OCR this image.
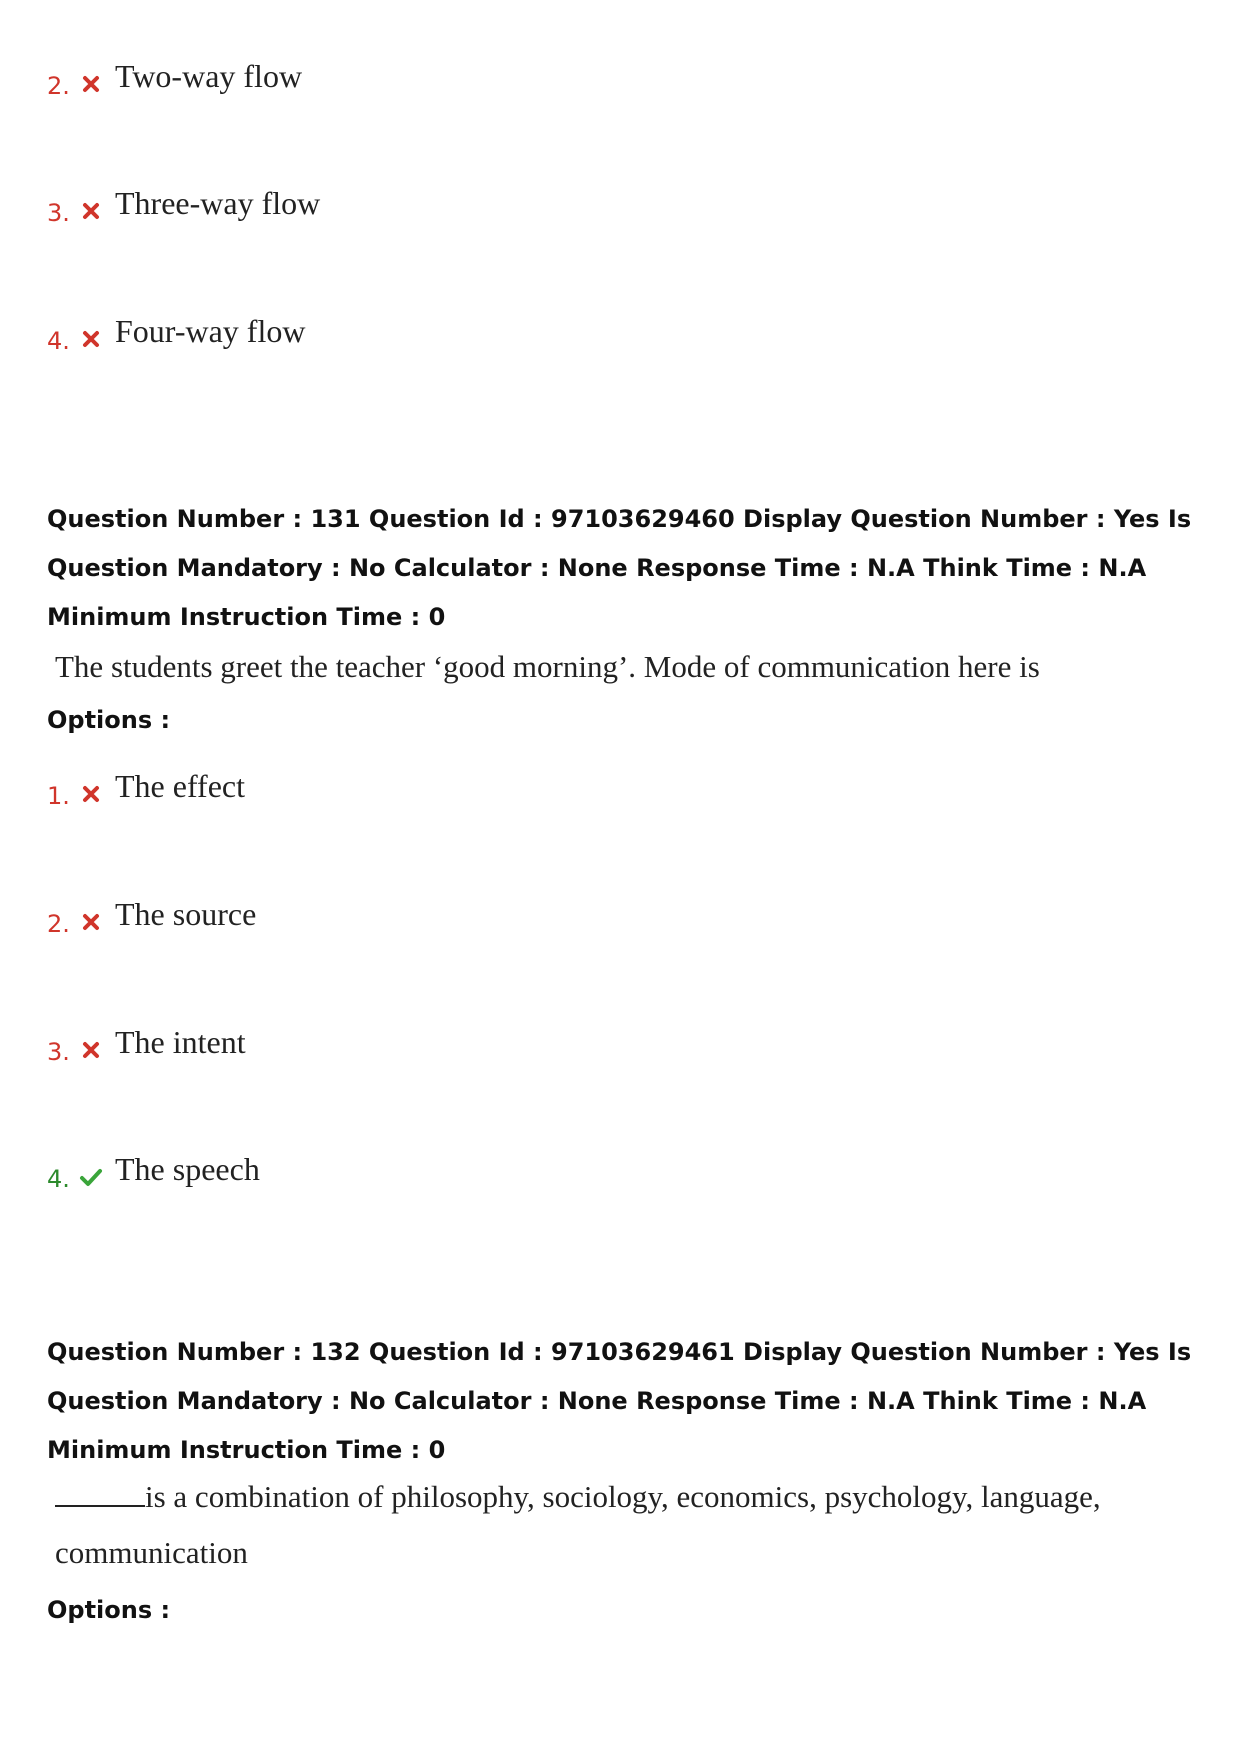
2. Two-way flow
3. Three-way flow
4. Four-way flow
Question Number : 131 Question Id : 97103629460 Display Question Number : Yes Is Question Mandatory : No Calculator : None Response Time : N.A Think Time : N.A Minimum Instruction Time : 0
The students greet the teacher ‘good morning’. Mode of communication here is
Options :
1. The effect
2. The source
3. The intent
4. The speech
Question Number : 132 Question Id : 97103629461 Display Question Number : Yes Is Question Mandatory : No Calculator : None Response Time : N.A Think Time : N.A Minimum Instruction Time : 0
is a combination of philosophy, sociology, economics, psychology, language, communication
Options :
